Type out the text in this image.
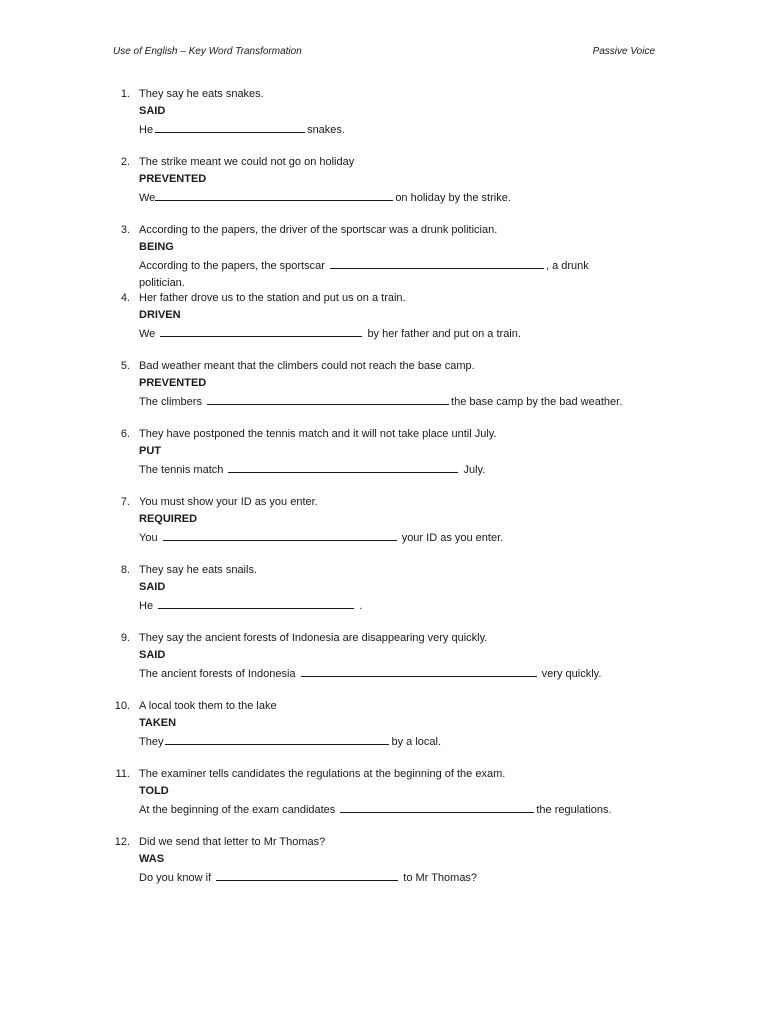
Use of English – Key Word Transformation	Passive Voice
1. They say he eats snakes.
SAID
He	snakes.
2. The strike meant we could not go on holiday
PREVENTED
We	on holiday by the strike.
3. According to the papers, the driver of the sportscar was a drunk politician.
BEING
According to the papers, the sportscar	, a drunk
politician.
4. Her father drove us to the station and put us on a train.
DRIVEN
We	by her father and put on a train.
5. Bad weather meant that the climbers could not reach the base camp.
PREVENTED
The climbers	the base camp by the bad weather.
6. They have postponed the tennis match and it will not take place until July.
PUT
The tennis match	July.
7. You must show your ID as you enter.
REQUIRED
You	your ID as you enter.
8. They say he eats snails.
SAID
He	.
9. They say the ancient forests of Indonesia are disappearing very quickly.
SAID
The ancient forests of Indonesia	very quickly.
10. A local took them to the lake
TAKEN
They	by a local.
11. The examiner tells candidates the regulations at the beginning of the exam.
TOLD
At the beginning of the exam candidates	the regulations.
12. Did we send that letter to Mr Thomas?
WAS
Do you know if	to Mr Thomas?
